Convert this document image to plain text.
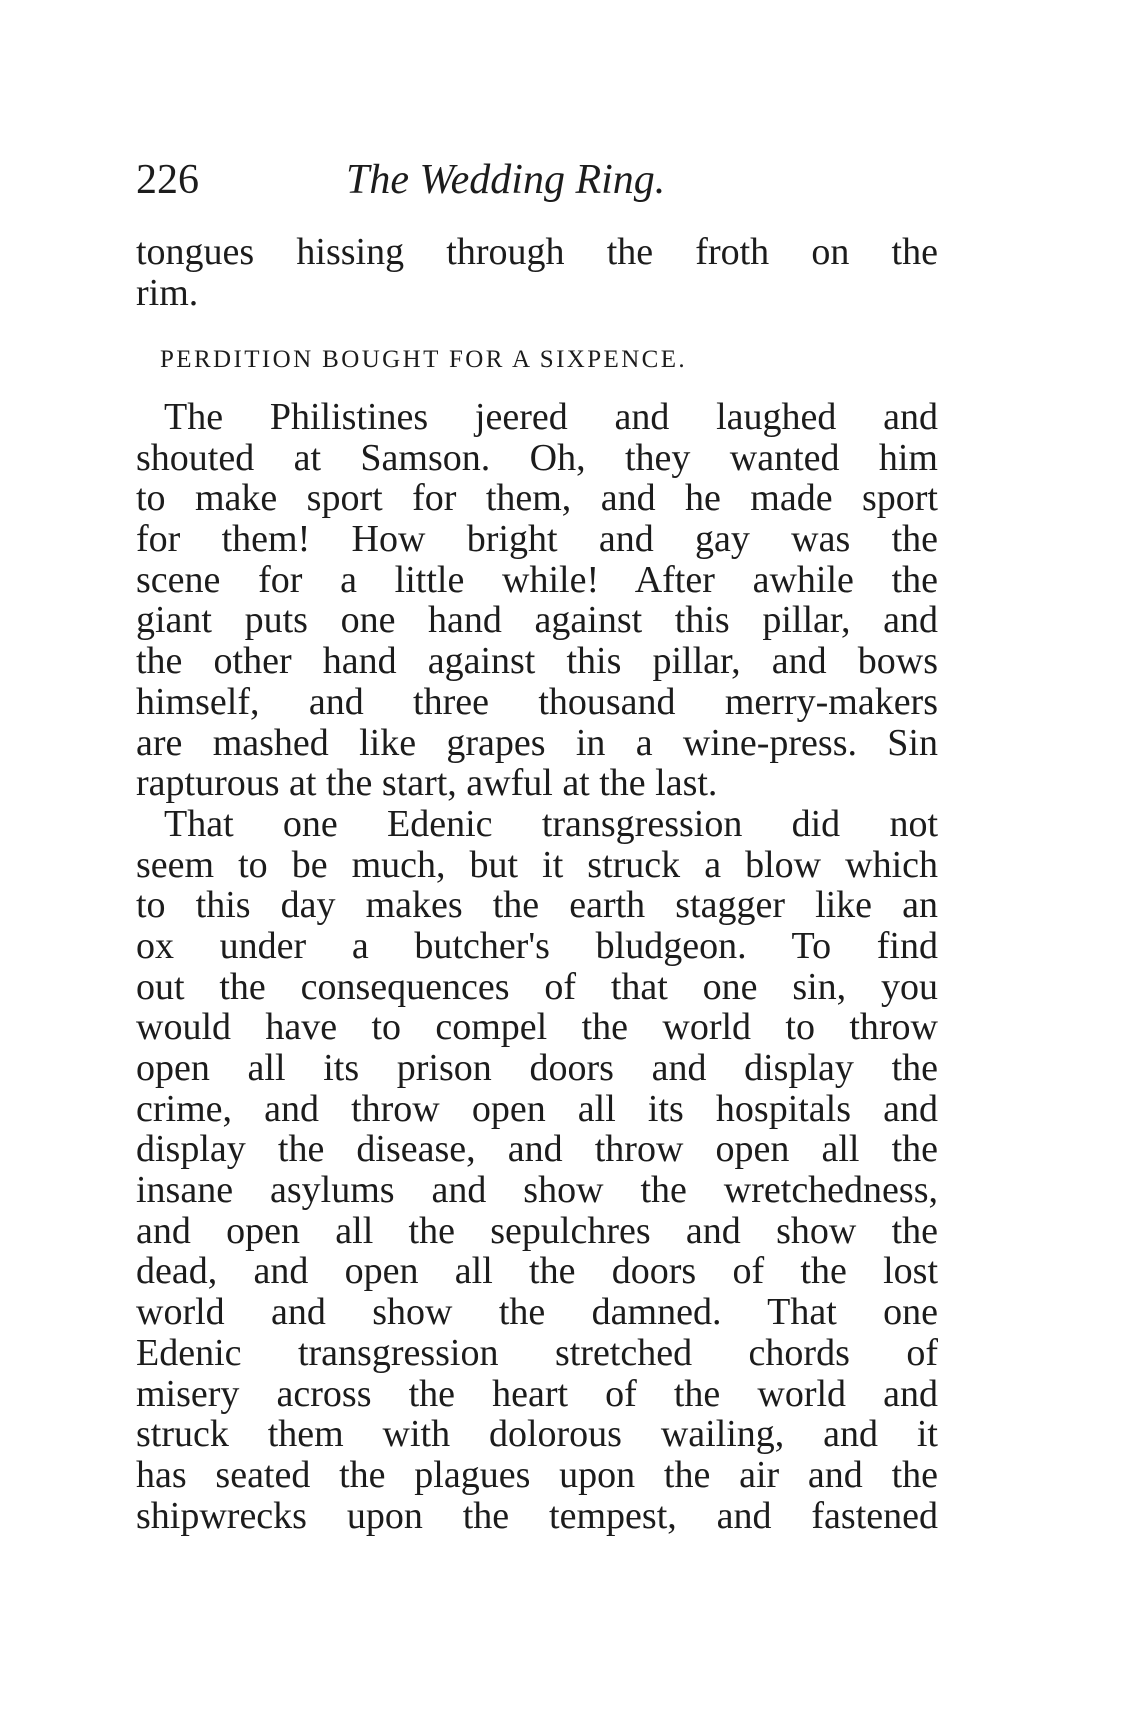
226	The Wedding Ring.
tongues hissing through the froth on the
rim.
PERDITION BOUGHT FOR A SIXPENCE.
The Philistines jeered and laughed and
shouted at Samson. Oh, they wanted him
to make sport for them, and he made sport
for them! How bright and gay was the
scene for a little while! After awhile the
giant puts one hand against this pillar, and
the other hand against this pillar, and bows
himself, and three thousand merry-makers
are mashed like grapes in a wine-press. Sin
rapturous at the start, awful at the last.
That one Edenic transgression did not
seem to be much, but it struck a blow which
to this day makes the earth stagger like an
ox under a butcher's bludgeon. To find
out the consequences of that one sin, you
would have to compel the world to throw
open all its prison doors and display the
crime, and throw open all its hospitals and
display the disease, and throw open all the
insane asylums and show the wretchedness,
and open all the sepulchres and show the
dead, and open all the doors of the lost
world and show the damned. That one
Edenic transgression stretched chords of
misery across the heart of the world and
struck them with dolorous wailing, and it
has seated the plagues upon the air and the
shipwrecks upon the tempest, and fastened
